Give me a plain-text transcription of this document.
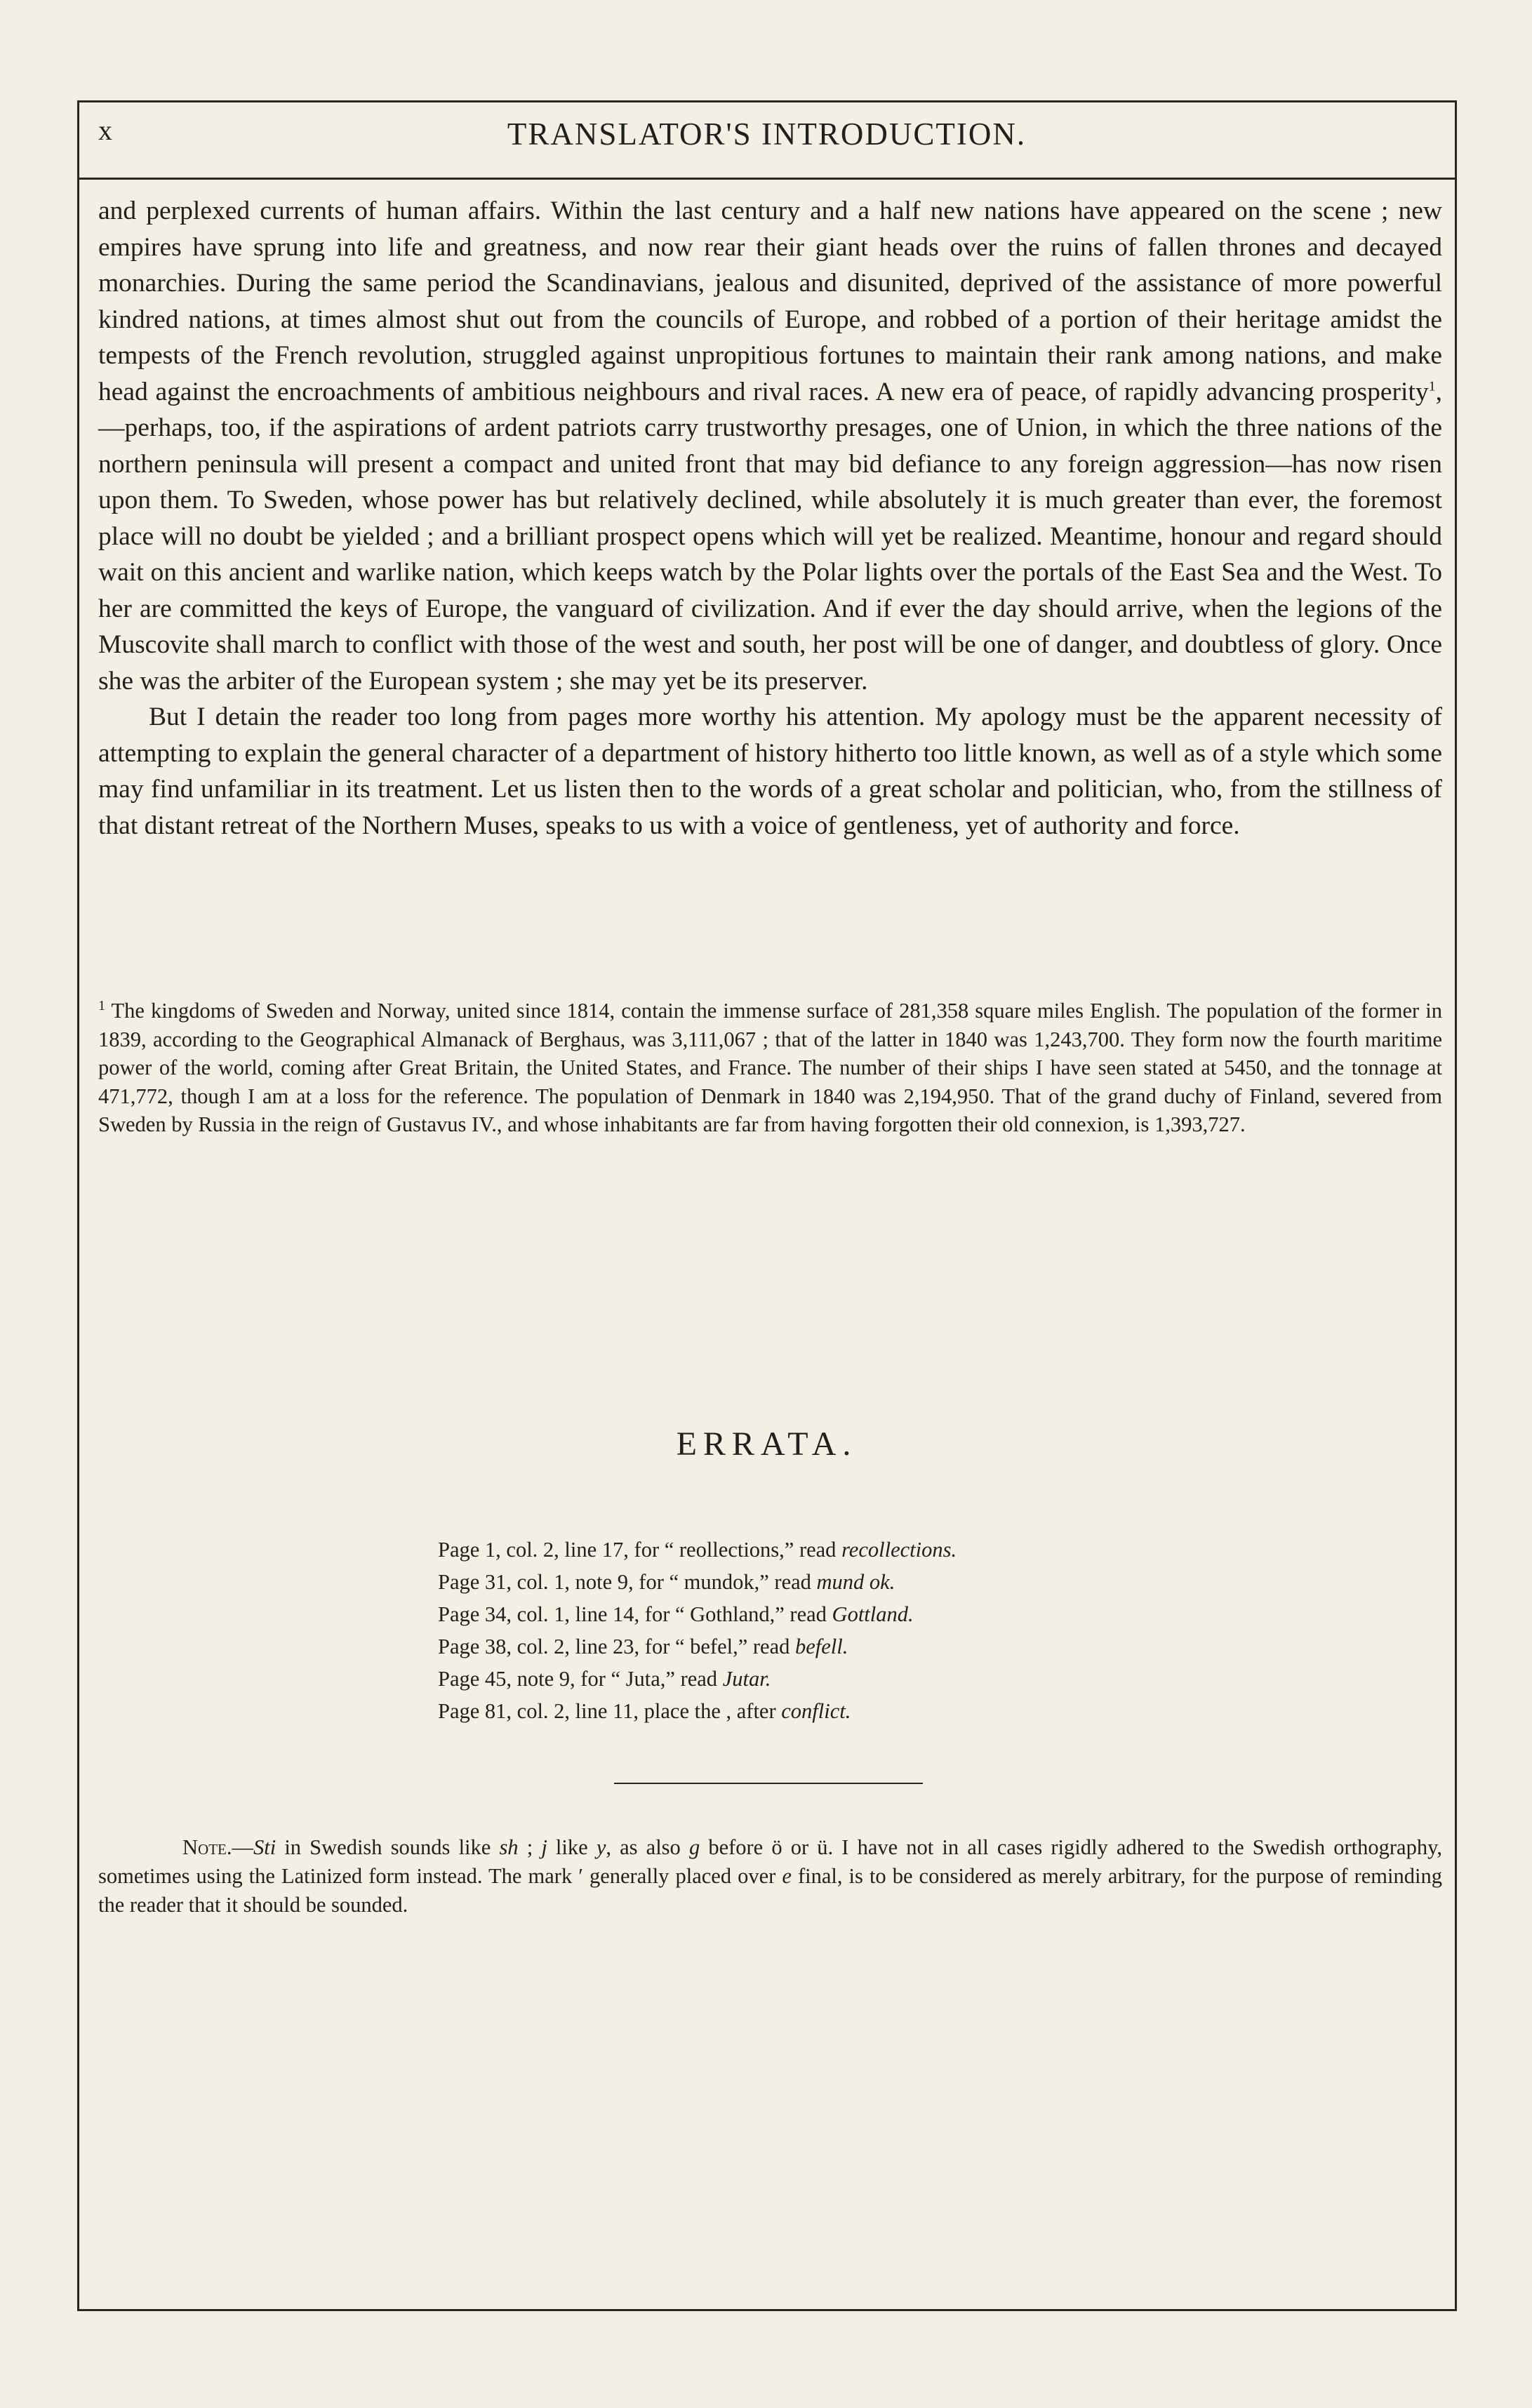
x	TRANSLATOR'S INTRODUCTION.

and perplexed currents of human affairs. Within the last century and a half new nations have appeared on the scene ; new empires have sprung into life and greatness, and now rear their giant heads over the ruins of fallen thrones and decayed monarchies. During the same period the Scandinavians, jealous and disunited, deprived of the assistance of more powerful kindred nations, at times almost shut out from the councils of Europe, and robbed of a portion of their heritage amidst the tempests of the French revolution, struggled against unpropitious fortunes to maintain their rank among nations, and make head against the encroachments of ambitious neighbours and rival races. A new era of peace, of rapidly advancing prosperity$^1$,—perhaps, too, if the aspirations of ardent patriots carry trustworthy presages, one of Union, in which the three nations of the northern peninsula will present a compact and united front that may bid defiance to any foreign aggression—has now risen upon them. To Sweden, whose power has but relatively declined, while absolutely it is much greater than ever, the foremost place will no doubt be yielded ; and a brilliant prospect opens which will yet be realized. Meantime, honour and regard should wait on this ancient and warlike nation, which keeps watch by the Polar lights over the portals of the East Sea and the West. To her are committed the keys of Europe, the vanguard of civilization. And if ever the day should arrive, when the legions of the Muscovite shall march to conflict with those of the west and south, her post will be one of danger, and doubtless of glory. Once she was the arbiter of the European system ; she may yet be its preserver.

But I detain the reader too long from pages more worthy his attention. My apology must be the apparent necessity of attempting to explain the general character of a department of history hitherto too little known, as well as of a style which some may find unfamiliar in its treatment. Let us listen then to the words of a great scholar and politician, who, from the stillness of that distant retreat of the Northern Muses, speaks to us with a voice of gentleness, yet of authority and force.

$^1$ The kingdoms of Sweden and Norway, united since 1814, contain the immense surface of 281,358 square miles English. The population of the former in 1839, according to the Geographical Almanack of Berghaus, was 3,111,067 ; that of the latter in 1840 was 1,243,700. They form now the fourth maritime power of the world, coming after Great Britain, the United States, and France. The number of their ships I have seen stated at 5450, and the tonnage at 471,772, though I am at a loss for the reference. The population of Denmark in 1840 was 2,194,950. That of the grand duchy of Finland, severed from Sweden by Russia in the reign of Gustavus IV., and whose inhabitants are far from having forgotten their old connexion, is 1,393,727.

ERRATA.
Page 1, col. 2, line 17, for “ reollections,” read recollections.
Page 31, col. 1, note 9, for “ mundok,” read mund ok.
Page 34, col. 1, line 14, for “ Gothland,” read Gottland.
Page 38, col. 2, line 23, for “ befel,” read befell.
Page 45, note 9, for “ Juta,” read Jutar.
Page 81, col. 2, line 11, place the , after conflict.

Note.—Sti in Swedish sounds like sh ; j like y, as also g before ö or ü. I have not in all cases rigidly adhered to the Swedish orthography, sometimes using the Latinized form instead. The mark ′ generally placed over e final, is to be considered as merely arbitrary, for the purpose of reminding the reader that it should be sounded.
